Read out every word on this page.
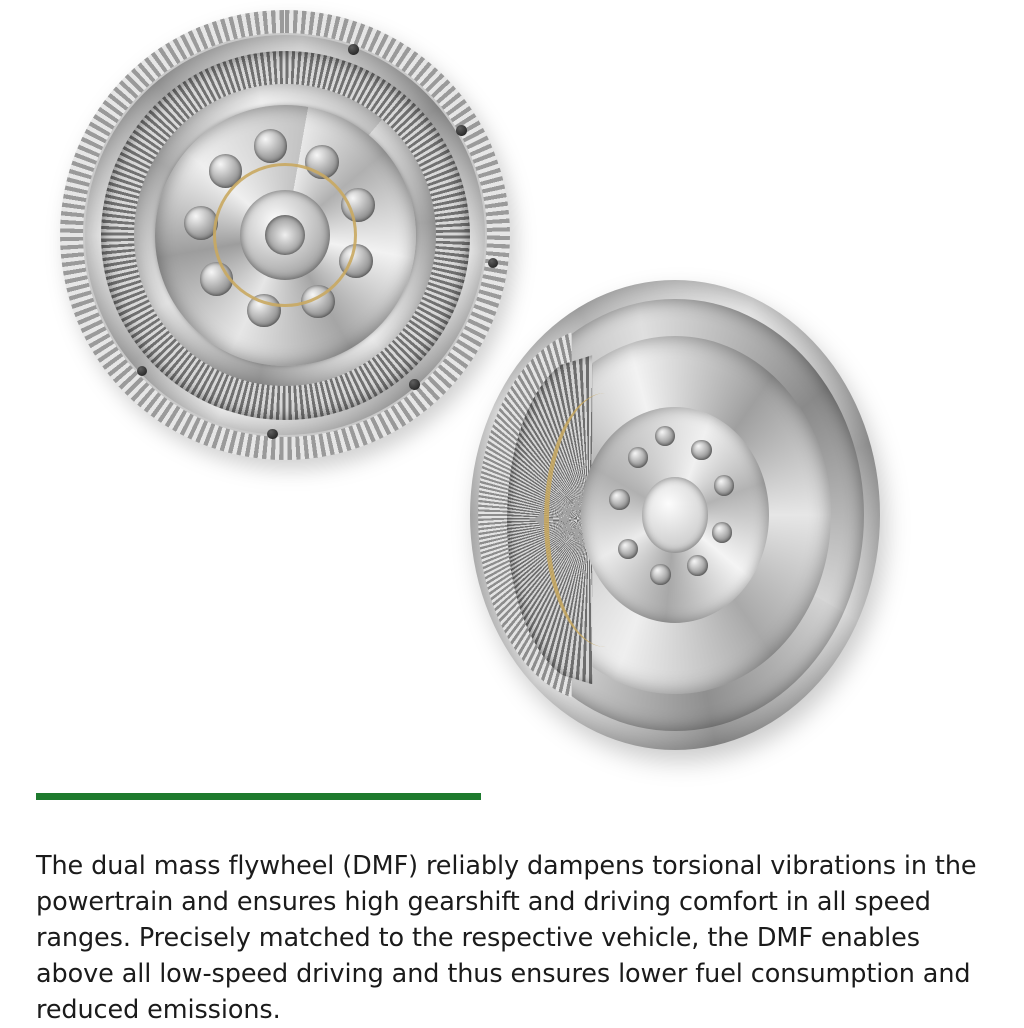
The dual mass flywheel (DMF) reliably dampens torsional vibrations in the powertrain and ensures high gearshift and driving comfort in all speed ranges. Precisely matched to the respective vehicle, the DMF enables above all low-speed driving and thus ensures lower fuel consumption and reduced emissions.
